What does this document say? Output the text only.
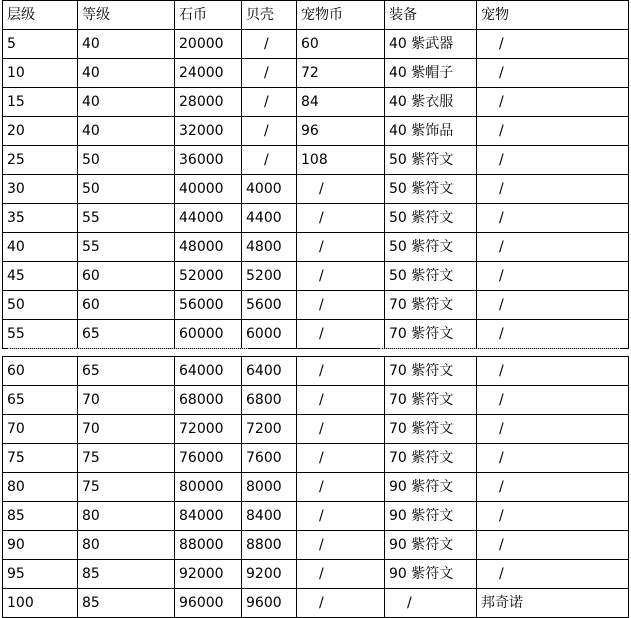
层级	等级	石币	贝壳	宠物币	装备	宠物
5	40	20000	/	60	40 紫武器	/
10	40	24000	/	72	40 紫帽子	/
15	40	28000	/	84	40 紫衣服	/
20	40	32000	/	96	40 紫饰品	/
25	50	36000	/	108	50 紫符文	/
30	50	40000	4000	/	50 紫符文	/
35	55	44000	4400	/	50 紫符文	/
40	55	48000	4800	/	50 紫符文	/
45	60	52000	5200	/	50 紫符文	/
50	60	56000	5600	/	70 紫符文	/
55	65	60000	6000	/	70 紫符文	/
60	65	64000	6400	/	70 紫符文	/
65	70	68000	6800	/	70 紫符文	/
70	70	72000	7200	/	70 紫符文	/
75	75	76000	7600	/	70 紫符文	/
80	75	80000	8000	/	90 紫符文	/
85	80	84000	8400	/	90 紫符文	/
90	80	88000	8800	/	90 紫符文	/
95	85	92000	9200	/	90 紫符文	/
100	85	96000	9600	/	/	邦奇诺
